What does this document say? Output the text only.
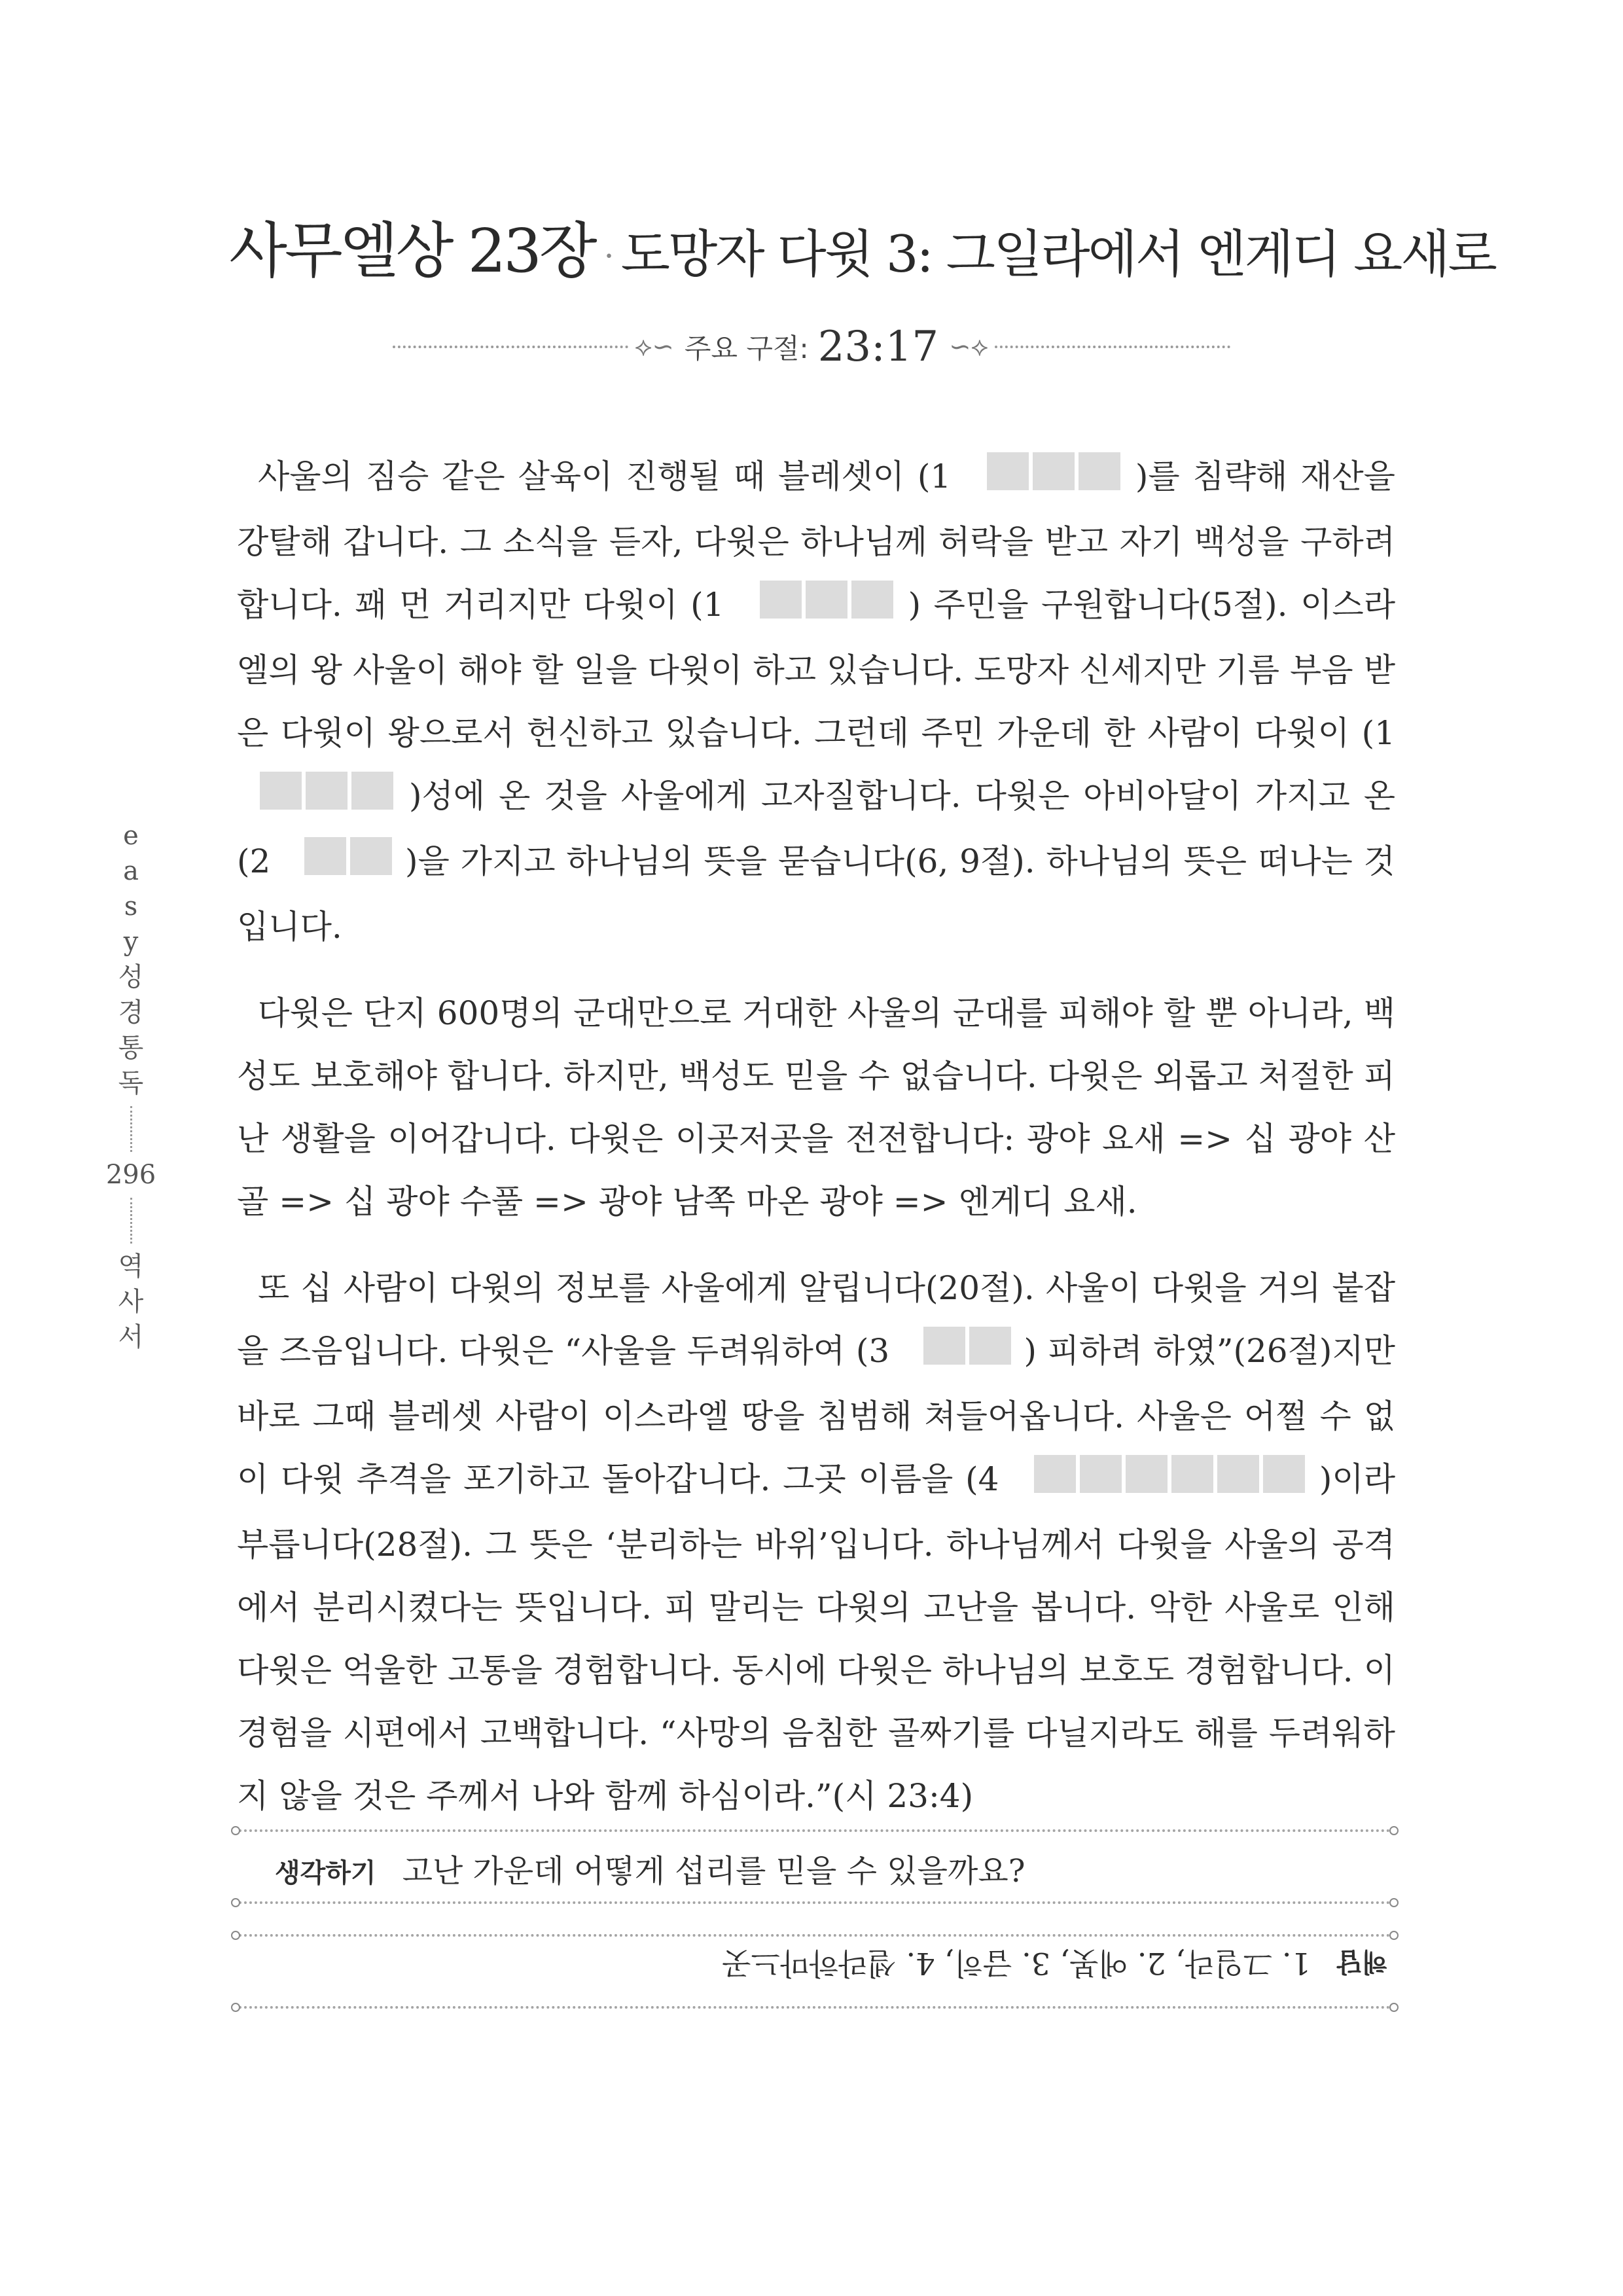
사무엘상 23장 · 도망자 다윗 3: 그일라에서 엔게디 요새로
⟡∽ 주요 구절: 23:17 ∽⟡
e
a
s
y
성
경
통
독
296
역
사
서

사울의 짐승 같은 살육이 진행될 때 블레셋이 (1	)를 침략해 재산을 강탈해 갑니다. 그 소식을 듣자, 다윗은 하나님께 허락을 받고 자기 백성을 구하려 합니다. 꽤 먼 거리지만 다윗이 (1	) 주민을 구원합니다(5절). 이스라엘의 왕 사울이 해야 할 일을 다윗이 하고 있습니다. 도망자 신세지만 기름 부음 받은 다윗이 왕으로서 헌신하고 있습니다. 그런데 주민 가운데 한 사람이 다윗이 (1  )성에 온 것을 사울에게 고자질합니다. 다윗은 아비아달이 가지고 온 (2	)을 가지고 하나님의 뜻을 묻습니다(6, 9절). 하나님의 뜻은 떠나는 것입니다.

다윗은 단지 600명의 군대만으로 거대한 사울의 군대를 피해야 할 뿐 아니라, 백성도 보호해야 합니다. 하지만, 백성도 믿을 수 없습니다. 다윗은 외롭고 처절한 피난 생활을 이어갑니다. 다윗은 이곳저곳을 전전합니다: 광야 요새 => 십 광야 산골 => 십 광야 수풀 => 광야 남쪽 마온 광야 => 엔게디 요새.

또 십 사람이 다윗의 정보를 사울에게 알립니다(20절). 사울이 다윗을 거의 붙잡을 즈음입니다. 다윗은 “사울을 두려워하여 (3	) 피하려 하였”(26절)지만 바로 그때 블레셋 사람이 이스라엘 땅을 침범해 쳐들어옵니다. 사울은 어쩔 수 없이 다윗 추격을 포기하고 돌아갑니다. 그곳 이름을 (4	)이라 부릅니다(28절). 그 뜻은 ‘분리하는 바위’입니다. 하나님께서 다윗을 사울의 공격에서 분리시켰다는 뜻입니다. 피 말리는 다윗의 고난을 봅니다. 악한 사울로 인해 다윗은 억울한 고통을 경험합니다. 동시에 다윗은 하나님의 보호도 경험합니다. 이 경험을 시편에서 고백합니다. “사망의 음침한 골짜기를 다닐지라도 해를 두려워하지 않을 것은 주께서 나와 함께 하심이라.”(시 23:4)

생각하기 고난 가운데 어떻게 섭리를 믿을 수 있을까요?
해답1. 그일라, 2. 에봇, 3. 급히, 4. 셀라하마느곳
